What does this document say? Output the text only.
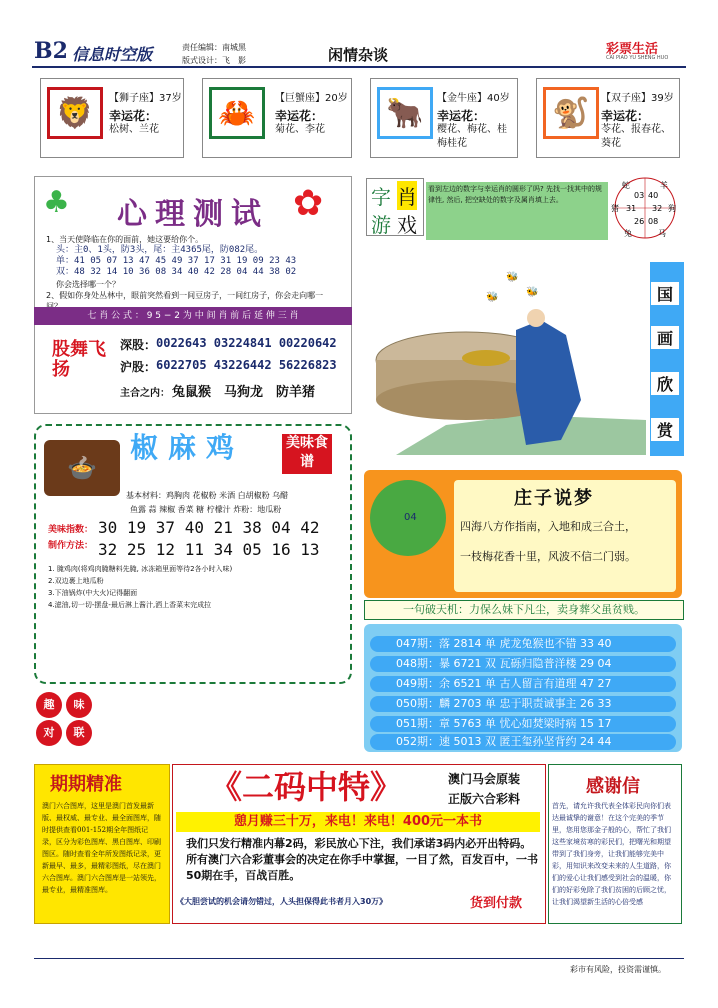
B2 信息时空版	责任编辑：南城黑
版式设计：飞　影	闲情杂谈	彩票生活
CAI PIAO YU SHENG HUO
🦁	【狮子座】37岁
幸运花：
松树、兰花	🦀	【巨蟹座】20岁
幸运花：
菊花、李花	🐂	【金牛座】40岁
幸运花：
樱花、梅花、桂梅桂花
🐒	【双子座】39岁
幸运花：
苓花、报春花、葵花
♣	✿
心理测试
1、当天使降临在你的面前，她这要给你个。
头：主0、1头，防3头，尾：主4365尾，防082尾。
单：41 05 07 13 47 45 49 37 17 31 19 09 23 43
双：48 32 14 10 36 08 34 40 42 28 04 44 38 02
你会选择哪一个？
2、假如你身处丛林中，眼前突然看到一间豆房子，一间红房子，你会走向哪一
七 肖 公 式 ： 9 5 − 2 为 中 间 肖 前 后 延 伸 三 肖
股舞飞扬
深股： 0022643 03224841 00220642
沪股： 6022705 43226442 56226823
主合之内： 兔鼠猴　马狗龙　防羊猪
🍲
椒麻鸡	美味食谱
基本材料：鸡胸肉 花椒粉 米酒 白胡椒粉 乌醋
鱼露 蒜 辣椒 香菜 糖 柠檬汁 炸粉：地瓜粉
美味指数：
制作方法：
30 19 37 40 21 38 04 42
32 25 12 11 34 05 16 13
1. 腌鸡肉(将鸡肉腌糖料先腌, 冰冻箱里面等待2各小时入味)
2.双边裹上地瓜粉
3.下油锅炸(中大火)记得翻面
4.滤油,切一切-摆盘-最后淋上酱汁,洒上香菜末完成拉
趣	味
对	联
字 肖
游 戏
看到左边的数字与幸运肖的圆形了吗? 先找一找其中的规律性, 然后, 把空缺处的数字及属肖填上去。
蛇	羊
猪	狗
兔	马
03 40
31 32
26 08
🐝
🐝
🐝	国
画
欣
赏
04
庄子说梦
四海八方作指南，入地和成三合土，
一枝梅花香十里，风波不信二门弱。
一句破天机：力保么妹下凡尘，卖身葬父虽贫贱。
047期：落 2814 单 虎龙兔猴也不错 33 40
048期：暴 6721 双 瓦砾归隐普洋楼 29 04
049期：余 6521 单 古人留言有道理 47 27
050期：麟 2703 单 忠于职责诚事主 26 33
051期：章 5763 单 忧心如焚梁时病 15 17
052期：速 5013 双 匿王玺孙坚背约 24 44
期期精准
澳门六合图库，这里是澳门首发最新版、最权威、最专业、最全面图库，随时提供查看001-152期全年图纸记录，区分为彩色图库、黑白图库、印刷图区。随时查看全年所发图纸记录，更新最早、最多，最精彩图纸，尽在澳门六合图库。澳门六合图库是一站领先，最专业，最精准图库。
《二码中特》	澳门马会原装
正版六合彩料
憩月赚三十万，来电！来电！400元一本书
我们只发行精准内幕2码，彩民放心下注，我们承诺3码内必开出特码。所有澳门六合彩董事会的决定在你手中掌握，一目了然，百发百中，一书50期在手，百战百胜。
《大胆尝试的机会请勿错过，人头担保得此书者月入30万》	货到付款
感谢信
首先，请允许我代表全体彩民向你们表达最诚挚的谢意！在这个完美的季节里，您用您那金子般的心，帮忙了我们这些家境贫寒的彩民们，把曙光和期望带到了我们身旁，让我们能够完美中彩，用知识来改变未来的人生道路，你们的爱心让我们感受到社会的温暖，你们的好彩免除了我们贫困的后顾之忧，让我们渴望新生活的心倍受感
彩市有风险，投资需谨慎。
